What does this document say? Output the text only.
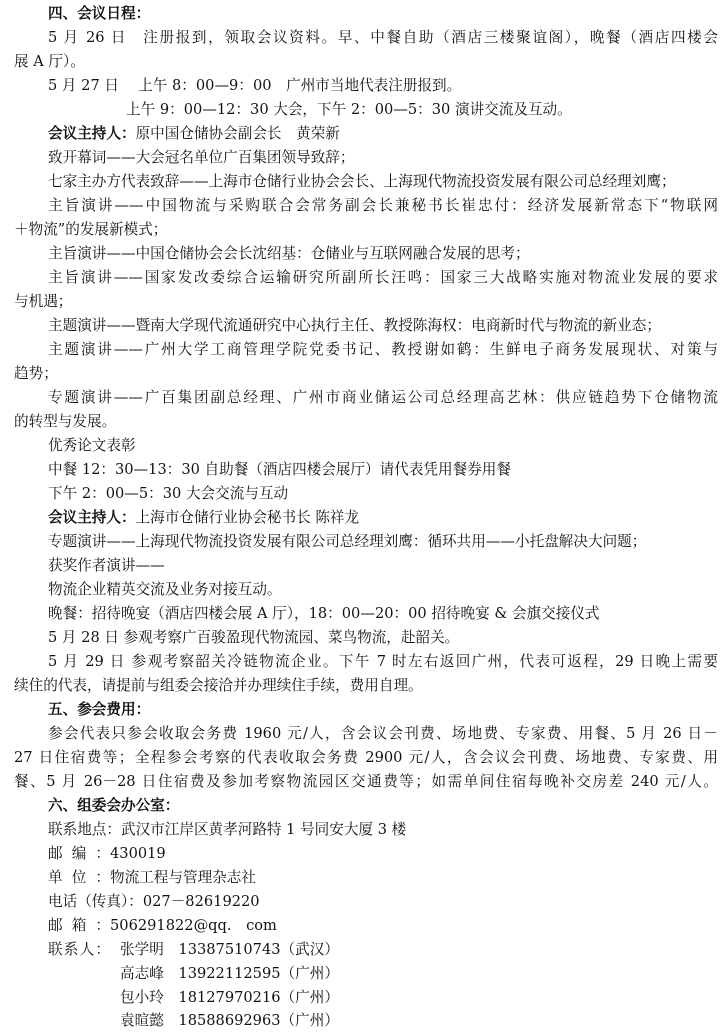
四、会议日程：
5 月 26 日　注册报到，领取会议资料。早、中餐自助（酒店三楼聚谊阁），晚餐（酒店四楼会
展 A 厅）。
5 月 27 日　 上午 8：00—9：00　广州市当地代表注册报到。
上午 9：00—12：30 大会，下午 2：00—5：30 演讲交流及互动。
会议主持人：原中国仓储协会副会长　黄荣新
致开幕词——大会冠名单位广百集团领导致辞；
七家主办方代表致辞——上海市仓储行业协会会长、上海现代物流投资发展有限公司总经理刘鹰；
主旨演讲——中国物流与采购联合会常务副会长兼秘书长崔忠付：经济发展新常态下“物联网
＋物流”的发展新模式；
主旨演讲——中国仓储协会会长沈绍基：仓储业与互联网融合发展的思考；
主旨演讲——国家发改委综合运输研究所副所长汪鸣：国家三大战略实施对物流业发展的要求
与机遇；
主题演讲——暨南大学现代流通研究中心执行主任、教授陈海权：电商新时代与物流的新业态；
主题演讲——广州大学工商管理学院党委书记、教授谢如鹤：生鲜电子商务发展现状、对策与
趋势；
专题演讲——广百集团副总经理、广州市商业储运公司总经理高艺林：供应链趋势下仓储物流
的转型与发展。
优秀论文表彰
中餐 12：30—13：30 自助餐（酒店四楼会展厅）请代表凭用餐券用餐
下午 2：00—5：30 大会交流与互动
会议主持人：上海市仓储行业协会秘书长 陈祥龙
专题演讲——上海现代物流投资发展有限公司总经理刘鹰：循环共用——小托盘解决大问题；
获奖作者演讲——
物流企业精英交流及业务对接互动。
晚餐：招待晚宴（酒店四楼会展 A 厅），18：00—20：00 招待晚宴 & 会旗交接仪式
5 月 28 日 参观考察广百骏盈现代物流园、菜鸟物流，赴韶关。
5 月 29 日 参观考察韶关冷链物流企业。下午 7 时左右返回广州，代表可返程，29 日晚上需要
续住的代表，请提前与组委会接洽并办理续住手续，费用自理。
五、参会费用：
参会代表只参会收取会务费 1960 元/人，含会议会刊费、场地费、专家费、用餐、5 月 26 日－
27 日住宿费等；全程参会考察的代表收取会务费 2900 元/人，含会议会刊费、场地费、专家费、用
餐、5 月 26－28 日住宿费及参加考察物流园区交通费等；如需单间住宿每晚补交房差 240 元/人。
六、组委会办公室：
联系地点：武汉市江岸区黄孝河路特 1 号同安大厦 3 楼
邮编：430019
单位：物流工程与管理杂志社
电话（传真）：027－82619220
邮箱：506291822@qq.　com
联系人： 张学明　 13387510743（武汉）
高志峰　 13922112595（广州）
包小玲　 18127970216（广州）
袁暄懿　 18588692963（广州）
